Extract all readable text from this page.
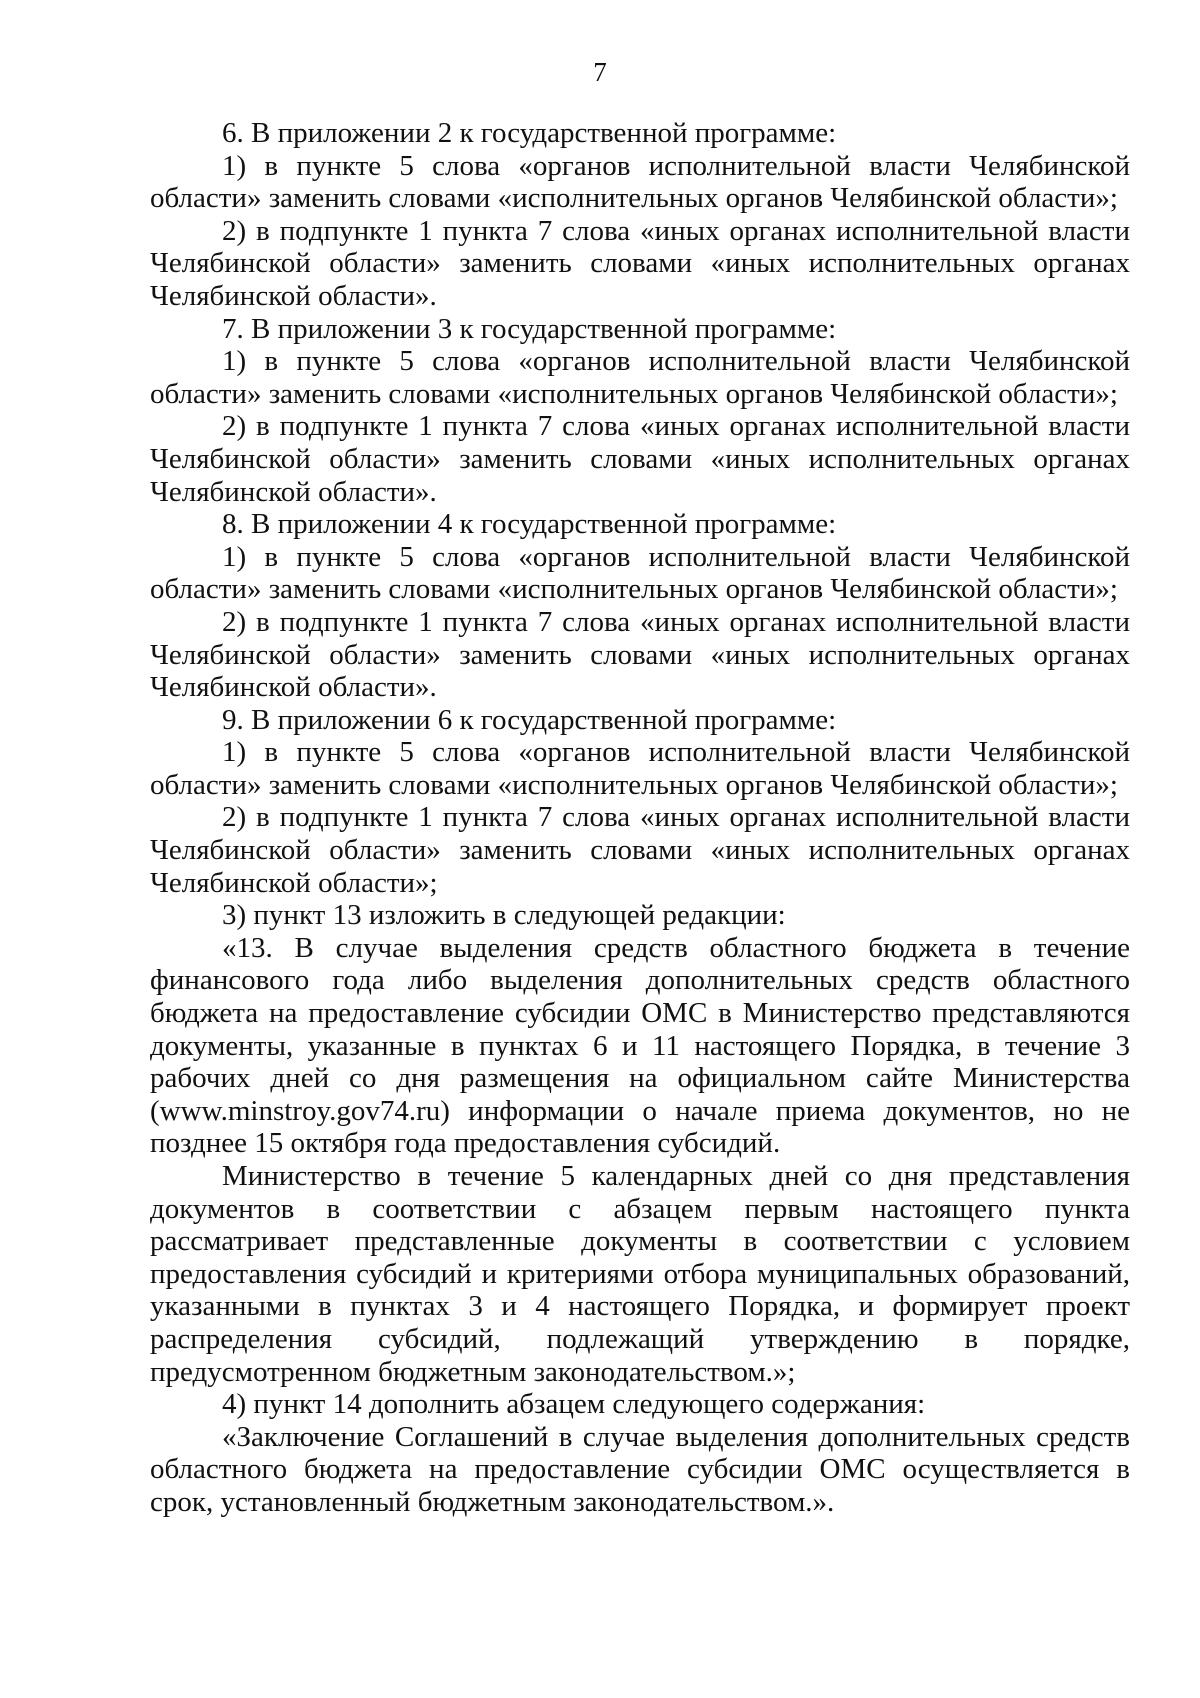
7

6. В приложении 2 к государственной программе:

1) в пункте 5 слова «органов исполнительной власти Челябинской области» заменить словами «исполнительных органов Челябинской области»;

2) в подпункте 1 пункта 7 слова «иных органах исполнительной власти Челябинской области» заменить словами «иных исполнительных органах Челябинской области».

7. В приложении 3 к государственной программе:

1) в пункте 5 слова «органов исполнительной власти Челябинской области» заменить словами «исполнительных органов Челябинской области»;

2) в подпункте 1 пункта 7 слова «иных органах исполнительной власти Челябинской области» заменить словами «иных исполнительных органах Челябинской области».

8. В приложении 4 к государственной программе:

1) в пункте 5 слова «органов исполнительной власти Челябинской области» заменить словами «исполнительных органов Челябинской области»;

2) в подпункте 1 пункта 7 слова «иных органах исполнительной власти Челябинской области» заменить словами «иных исполнительных органах Челябинской области».

9. В приложении 6 к государственной программе:

1) в пункте 5 слова «органов исполнительной власти Челябинской области» заменить словами «исполнительных органов Челябинской области»;

2) в подпункте 1 пункта 7 слова «иных органах исполнительной власти Челябинской области» заменить словами «иных исполнительных органах Челябинской области»;

3) пункт 13 изложить в следующей редакции:

«13. В случае выделения средств областного бюджета в течение финансового года либо выделения дополнительных средств областного бюджета на предоставление субсидии ОМС в Министерство представляются документы, указанные в пунктах 6 и 11 настоящего Порядка, в течение 3 рабочих дней со дня размещения на официальном сайте Министерства (www.minstroy.gov74.ru) информации о начале приема документов, но не позднее 15 октября года предоставления субсидий.

Министерство в течение 5 календарных дней со дня представления документов в соответствии с абзацем первым настоящего пункта рассматривает представленные документы в соответствии с условием предоставления субсидий и критериями отбора муниципальных образований, указанными в пунктах 3 и 4 настоящего Порядка, и формирует проект распределения субсидий, подлежащий утверждению в порядке, предусмотренном бюджетным законодательством.»;

4) пункт 14 дополнить абзацем следующего содержания:

«Заключение Соглашений в случае выделения дополнительных средств областного бюджета на предоставление субсидии ОМС осуществляется в срок, установленный бюджетным законодательством.».
